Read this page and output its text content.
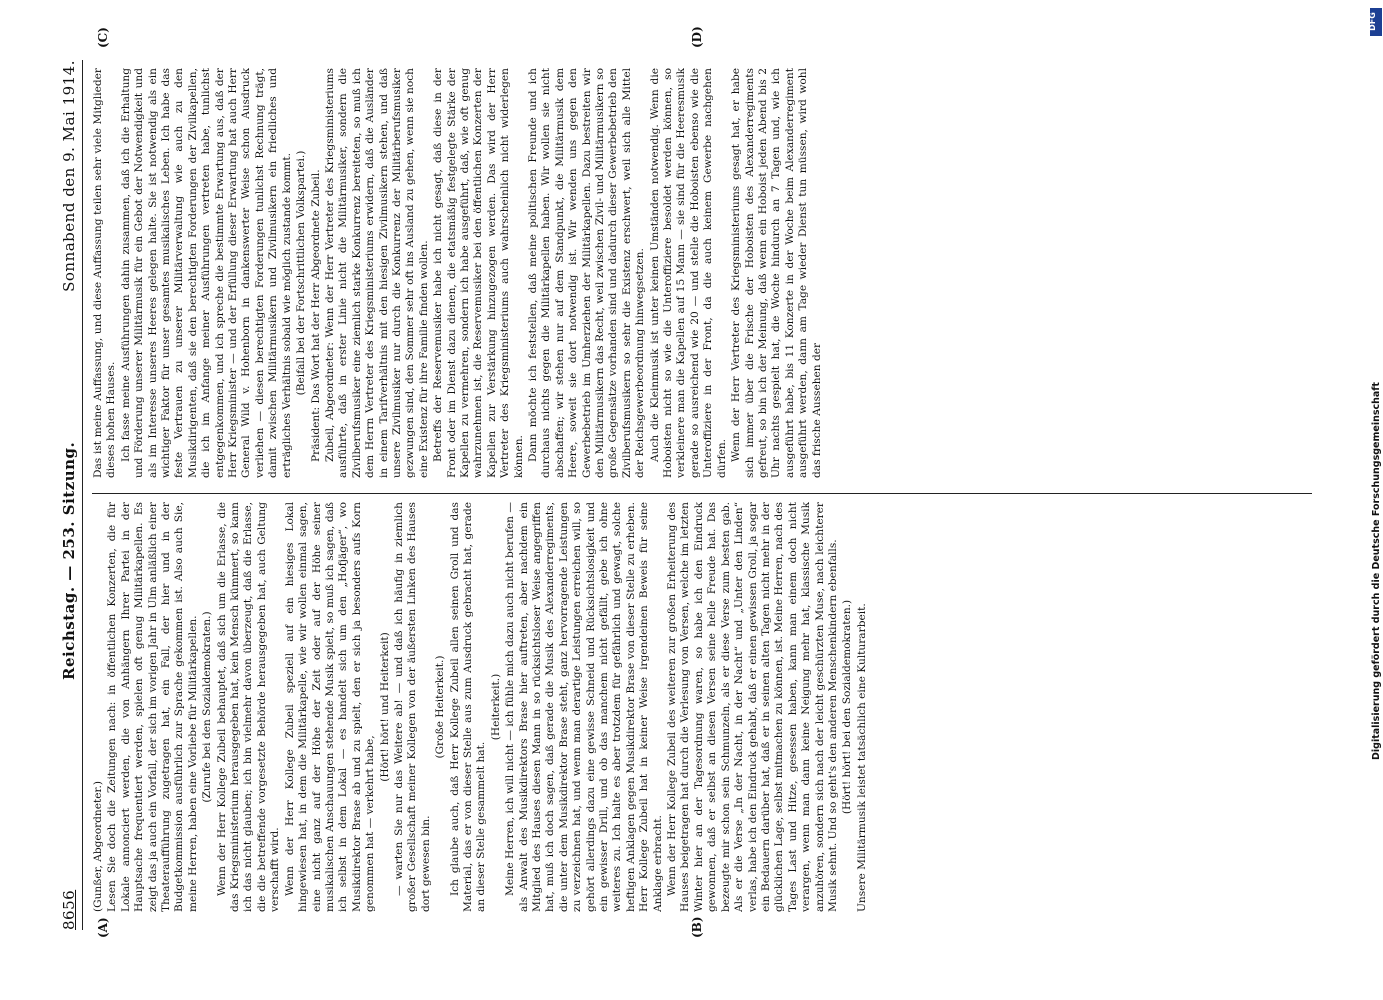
8656
Reichstag. — 253. Sitzung.
Sonnabend den 9. Mai 1914.
(A)	(B)
(C)	(D)

(Gunßer, Abgeordneter.) Lesen Sie doch die Zeitungen nach: in öffentlichen Konzerten, die für Lokale annonciert werden, die von Anhängern Ihrer Partei in der Hauptsache frequentiert werden, spielen oft genug Militärkapellen. Es zeigt das ja auch ein Vorfall, der sich im vorigen Jahr in Ulm anläßlich einer Theateraufführung zugetragen hat, ein Fall, der hier und in der Budgetkommission ausführlich zur Sprache gekommen ist. Also auch Sie, meine Herren, haben eine Vorliebe für Militärkapellen. (Zurufe bei den Sozialdemokraten.) Wenn der Herr Kollege Zubeil behauptet, daß sich um die Erlasse, die das Kriegsministerium herausgegeben hat, kein Mensch kümmert, so kann ich das nicht glauben; ich bin vielmehr davon überzeugt, daß die Erlasse, die die betreffende vorgesetzte Behörde herausgegeben hat, auch Geltung verschafft wird. Wenn der Herr Kollege Zubeil speziell auf ein hiesiges Lokal hingewiesen hat, in dem die Militärkapelle, wie wir wollen einmal sagen, eine nicht ganz auf der Höhe der Zeit oder auf der Höhe seiner musikalischen Anschauungen stehende Musik spielt, so muß ich sagen, daß ich selbst in dem Lokal — es handelt sich um den „Hofjäger“, wo Musikdirektor Brase ab und zu spielt, den er sich ja besonders aufs Korn genommen hat — verkehrt habe,

(Hört! hört! und Heiterkeit) — warten Sie nur das Weitere ab! — und daß ich häufig in ziemlich großer Gesellschaft meiner Kollegen von der äußersten Linken des Hauses dort gewesen bin.

(Große Heiterkeit.) Ich glaube auch, daß Herr Kollege Zubeil allen seinen Groll und das Material, das er von dieser Stelle aus zum Ausdruck gebracht hat, gerade an dieser Stelle gesammelt hat.

(Heiterkeit.) Meine Herren, ich will nicht — ich fühle mich dazu auch nicht berufen — als Anwalt des Musikdirektors Brase hier auftreten, aber nachdem ein Mitglied des Hauses diesen Mann in so rücksichtsloser Weise angegriffen hat, muß ich doch sagen, daß gerade die Musik des Alexanderregiments, die unter dem Musikdirektor Brase steht, ganz hervorragende Leistungen zu verzeichnen hat, und wenn man derartige Leistungen erreichen will, so gehört allerdings dazu eine gewisse Schneid und Rücksichtslosigkeit und ein gewisser Drill, und ob das manchem nicht gefällt, gebe ich ohne weiteres zu. Ich halte es aber trotzdem für gefährlich und gewagt, solche heftigen Anklagen gegen Musikdirektor Brase von dieser Stelle zu erheben. Herr Kollege Zubeil hat in keiner Weise irgendeinen Beweis für seine Anklage erbracht. Wenn der Herr Kollege Zubeil des weiteren zur großen Erheiterung des Hauses beigetragen hat durch die Verlesung von Versen, welche im letzten Winter hier an der Tagesordnung waren, so habe ich den Eindruck gewonnen, daß er selbst an diesen Versen seine helle Freude hat. Das bezeugte mir schon sein Schmunzeln, als er diese Verse zum besten gab. Als er die Verse „In der Nacht, in der Nacht“ und „Unter den Linden“ verlas, habe ich den Eindruck gehabt, daß er einen gewissen Groll, ja sogar ein Bedauern darüber hat, daß er in seinen alten Tagen nicht mehr in der glücklichen Lage, selbst mitmachen zu können, ist. Meine Herren, nach des Tages Last und Hitze, gesessen haben, kann man einem doch nicht verargen, wenn man dann keine Neigung mehr hat, klassische Musik anzuhören, sondern sich nach der leicht geschürzten Muse, nach leichterer Musik sehnt. Und so geht's den anderen Menschenkindern ebenfalls. (Hört! hört! bei den Sozialdemokraten.) Unsere Militärmusik leistet tatsächlich eine Kulturarbeit.

Das ist meine Auffassung, und diese Auffassung teilen sehr viele Mitglieder dieses hohen Hauses. Ich fasse meine Ausführungen dahin zusammen, daß ich die Erhaltung und Förderung unserer Militärmusik für ein Gebot der Notwendigkeit und als im Interesse unseres Heeres gelegen halte. Sie ist notwendig als ein wichtiger Faktor für unser gesamtes musikalisches Leben. Ich habe das feste Vertrauen zu unserer Militärverwaltung wie auch zu den Musikdirigenten, daß sie den berechtigten Forderungen der Zivilkapellen, die ich im Anfange meiner Ausführungen vertreten habe, tunlichst entgegenkommen, und ich spreche die bestimmte Erwartung aus, daß der Herr Kriegsminister — und der Erfüllung dieser Erwartung hat auch Herr General Wild v. Hohenborn in dankenswerter Weise schon Ausdruck verliehen — diesen berechtigten Forderungen tunlichst Rechnung trägt, damit zwischen Militärmusikern und Zivilmusikern ein friedliches und erträgliches Verhältnis sobald wie möglich zustande kommt. (Beifall bei der Fortschrittlichen Volkspartei.) Präsident: Das Wort hat der Herr Abgeordnete Zubeil. Zubeil, Abgeordneter: Wenn der Herr Vertreter des Kriegsministeriums ausführte, daß in erster Linie nicht die Militärmusiker, sondern die Zivilberufsmusiker eine ziemlich starke Konkurrenz bereiteten, so muß ich dem Herrn Vertreter des Kriegsministeriums erwidern, daß die Ausländer in einem Tarifverhältnis mit den hiesigen Zivilmusikern stehen, und daß unsere Zivilmusiker nur durch die Konkurrenz der Militärberufsmusiker gezwungen sind, den Sommer sehr oft ins Ausland zu gehen, wenn sie noch eine Existenz für ihre Familie finden wollen. Betreffs der Reservemusiker habe ich nicht gesagt, daß diese in der Front oder im Dienst dazu dienen, die etatsmäßig festgelegte Stärke der Kapellen zu vermehren, sondern ich habe ausgeführt, daß, wie oft genug wahrzunehmen ist, die Reservemusiker bei den öffentlichen Konzerten der Kapellen zur Verstärkung hinzugezogen werden. Das wird der Herr Vertreter des Kriegsministeriums auch wahrscheinlich nicht widerlegen können. Dann möchte ich feststellen, daß meine politischen Freunde und ich durchaus nichts gegen die Militärkapellen haben. Wir wollen sie nicht abschaffen; wir stehen nur auf dem Standpunkt, die Militärmusik dem Heere, soweit sie dort notwendig ist. Wir wenden uns gegen den Gewerbebetrieb im Umherziehen der Militärkapellen. Dazu bestreiten wir den Militärmusikern das Recht, weil zwischen Zivil- und Militärmusikern so große Gegensätze vorhanden sind und dadurch dieser Gewerbebetrieb den Zivilberufsmusikern so sehr die Existenz erschwert, weil sich alle Mittel der Reichsgewerbeordnung hinwegsetzen. Auch die Kleinmusik ist unter keinen Umständen notwendig. Wenn die Hoboisten nicht so wie die Unteroffiziere besoldet werden können, so verkleinere man die Kapellen auf 15 Mann — sie sind für die Heeresmusik gerade so ausreichend wie 20 — und stelle die Hoboisten ebenso wie die Unteroffiziere in der Front, da die auch keinem Gewerbe nachgehen dürfen. Wenn der Herr Vertreter des Kriegsministeriums gesagt hat, er habe sich immer über die Frische der Hoboisten des Alexanderregiments gefreut, so bin ich der Meinung, daß wenn ein Hoboist jeden Abend bis 2 Uhr nachts gespielt hat, die Woche hindurch an 7 Tagen und, wie ich ausgeführt habe, bis 11 Konzerte in der Woche beim Alexanderregiment ausgeführt werden, dann am Tage wieder Dienst tun müssen, wird wohl das frische Aussehen der

DFG
Digitalisierung gefördert durch die Deutsche Forschungsgemeinschaft
